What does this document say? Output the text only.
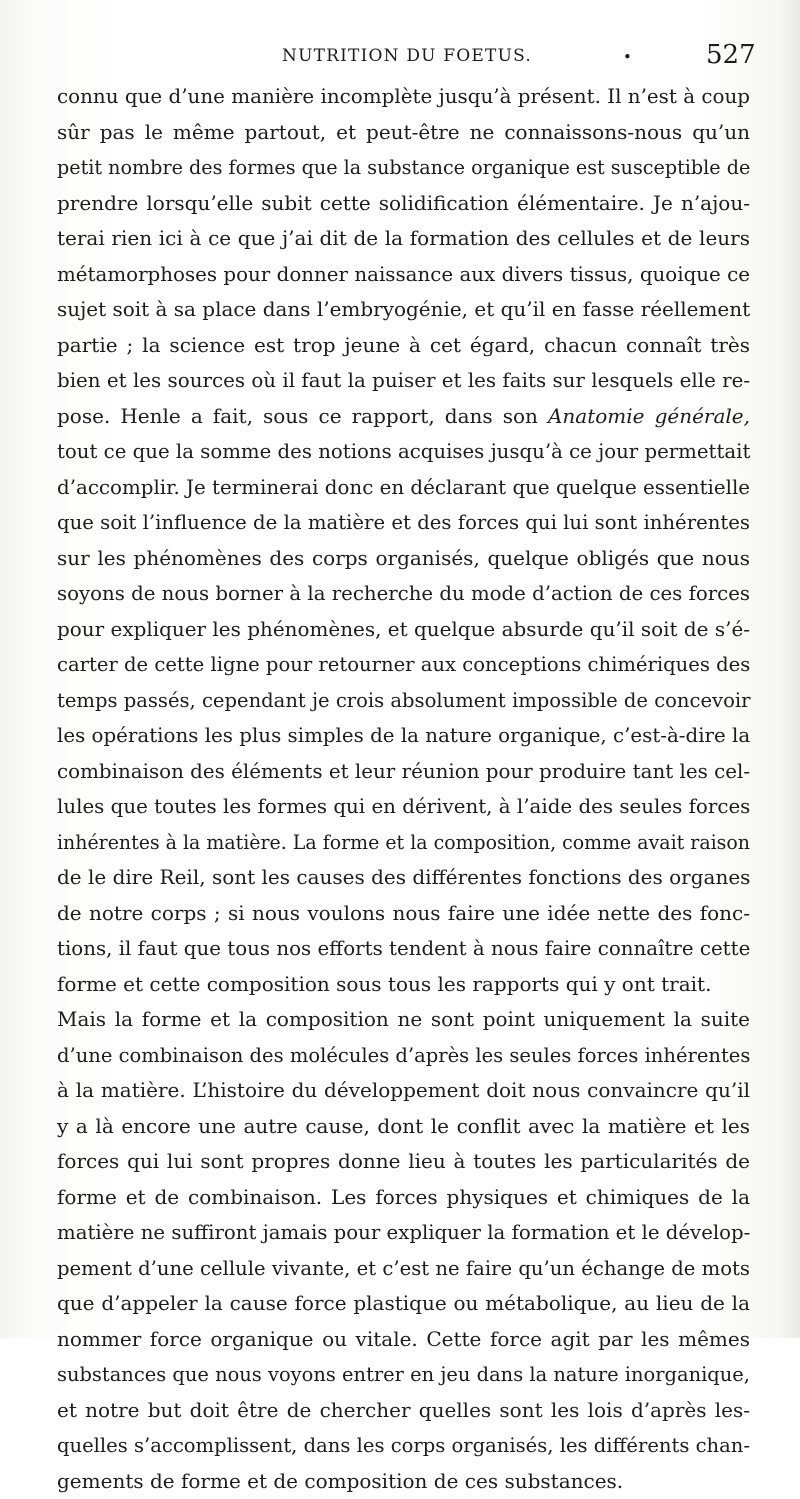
NUTRITION DU FOETUS.	•	527
connu que d’une manière incomplète jusqu’à présent. Il n’est à coup
sûr pas le même partout, et peut-être ne connaissons-nous qu’un
petit nombre des formes que la substance organique est susceptible de
prendre lorsqu’elle subit cette solidification élémentaire. Je n’ajou-
terai rien ici à ce que j’ai dit de la formation des cellules et de leurs
métamorphoses pour donner naissance aux divers tissus, quoique ce
sujet soit à sa place dans l’embryogénie, et qu’il en fasse réellement
partie ; la science est trop jeune à cet égard, chacun connaît très
bien et les sources où il faut la puiser et les faits sur lesquels elle re-
pose. Henle a fait, sous ce rapport, dans son Anatomie générale,
tout ce que la somme des notions acquises jusqu’à ce jour permettait
d’accomplir. Je terminerai donc en déclarant que quelque essentielle
que soit l’influence de la matière et des forces qui lui sont inhérentes
sur les phénomènes des corps organisés, quelque obligés que nous
soyons de nous borner à la recherche du mode d’action de ces forces
pour expliquer les phénomènes, et quelque absurde qu’il soit de s’é-
carter de cette ligne pour retourner aux conceptions chimériques des
temps passés, cependant je crois absolument impossible de concevoir
les opérations les plus simples de la nature organique, c’est-à-dire la
combinaison des éléments et leur réunion pour produire tant les cel-
lules que toutes les formes qui en dérivent, à l’aide des seules forces
inhérentes à la matière. La forme et la composition, comme avait raison
de le dire Reil, sont les causes des différentes fonctions des organes
de notre corps ; si nous voulons nous faire une idée nette des fonc-
tions, il faut que tous nos efforts tendent à nous faire connaître cette
forme et cette composition sous tous les rapports qui y ont trait.
Mais la forme et la composition ne sont point uniquement la suite
d’une combinaison des molécules d’après les seules forces inhérentes
à la matière. L’histoire du développement doit nous convaincre qu’il
y a là encore une autre cause, dont le conflit avec la matière et les
forces qui lui sont propres donne lieu à toutes les particularités de
forme et de combinaison. Les forces physiques et chimiques de la
matière ne suffiront jamais pour expliquer la formation et le dévelop-
pement d’une cellule vivante, et c’est ne faire qu’un échange de mots
que d’appeler la cause force plastique ou métabolique, au lieu de la
nommer force organique ou vitale. Cette force agit par les mêmes
substances que nous voyons entrer en jeu dans la nature inorganique,
et notre but doit être de chercher quelles sont les lois d’après les-
quelles s’accomplissent, dans les corps organisés, les différents chan-
gements de forme et de composition de ces substances.
